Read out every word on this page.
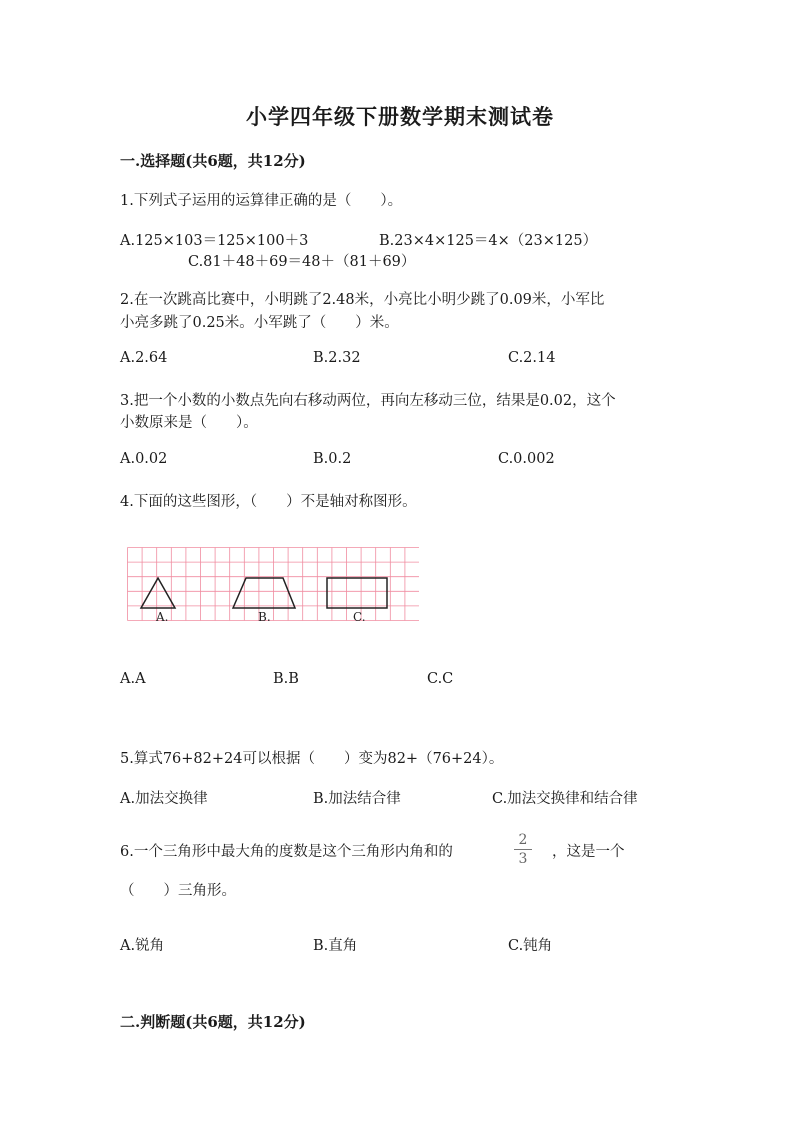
小学四年级下册数学期末测试卷
一.选择题(共6题，共12分)
1.下列式子运用的运算律正确的是（　　）。
A.125×103＝125×100＋3	B.23×4×125＝4×（23×125）
C.81＋48＋69＝48＋（81＋69）
2.在一次跳高比赛中，小明跳了2.48米，小亮比小明少跳了0.09米，小军比
小亮多跳了0.25米。小军跳了（　　）米。
A.2.64	B.2.32	C.2.14
3.把一个小数的小数点先向右移动两位，再向左移动三位，结果是0.02，这个
小数原来是（　　）。
A.0.02	B.0.2	C.0.002
4.下面的这些图形，（　　）不是轴对称图形。
A.	B.	C.
A.A	B.B	C.C
5.算式76+82+24可以根据（　　）变为82+（76+24）。
A.加法交换律	B.加法结合律	C.加法交换律和结合律
6.一个三角形中最大角的度数是这个三角形内角和的
2
3	，这是一个
（　　）三角形。
A.锐角	B.直角	C.钝角
二.判断题(共6题，共12分)
